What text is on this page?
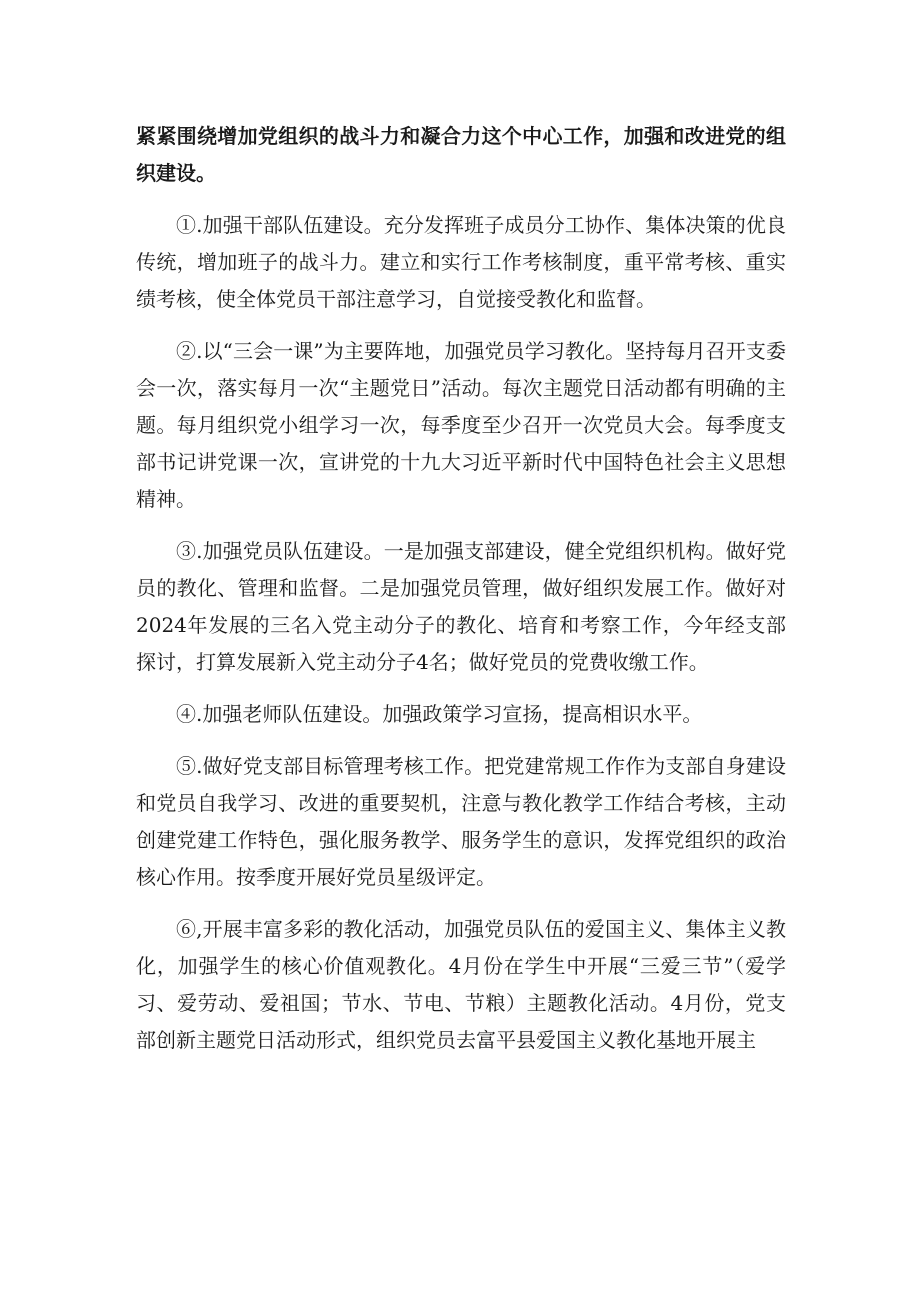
紧紧围绕增加党组织的战斗力和凝合力这个中心工作，加强和改进党的组织建设。

①.加强干部队伍建设。充分发挥班子成员分工协作、集体决策的优良传统，增加班子的战斗力。建立和实行工作考核制度，重平常考核、重实绩考核，使全体党员干部注意学习，自觉接受教化和监督。

②.以“三会一课”为主要阵地，加强党员学习教化。坚持每月召开支委会一次，落实每月一次“主题党日”活动。每次主题党日活动都有明确的主题。每月组织党小组学习一次，每季度至少召开一次党员大会。每季度支部书记讲党课一次，宣讲党的十九大习近平新时代中国特色社会主义思想精神。

③.加强党员队伍建设。一是加强支部建设，健全党组织机构。做好党员的教化、管理和监督。二是加强党员管理，做好组织发展工作。做好对2024年发展的三名入党主动分子的教化、培育和考察工作，今年经支部探讨，打算发展新入党主动分子4名；做好党员的党费收缴工作。

④.加强老师队伍建设。加强政策学习宣扬，提高相识水平。

⑤.做好党支部目标管理考核工作。把党建常规工作作为支部自身建设和党员自我学习、改进的重要契机，注意与教化教学工作结合考核，主动创建党建工作特色，强化服务教学、服务学生的意识，发挥党组织的政治核心作用。按季度开展好党员星级评定。

⑥,开展丰富多彩的教化活动，加强党员队伍的爱国主义、集体主义教化，加强学生的核心价值观教化。4月份在学生中开展“三爱三节”（爱学习、爱劳动、爱祖国；节水、节电、节粮）主题教化活动。4月份，党支部创新主题党日活动形式，组织党员去富平县爱国主义教化基地开展主
